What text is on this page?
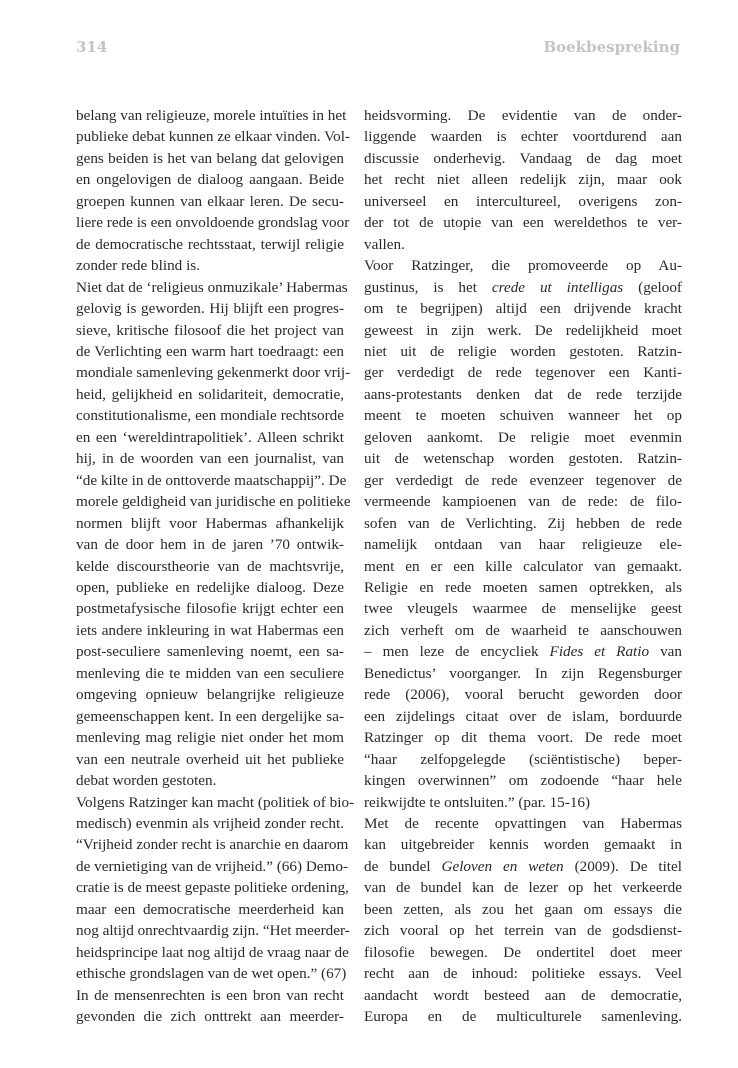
314	Boekbespreking
belang van religieuze, morele intuïties in het
publieke debat kunnen ze elkaar vinden. Vol-
gens beiden is het van belang dat gelovigen
en ongelovigen de dialoog aangaan. Beide
groepen kunnen van elkaar leren. De secu-
liere rede is een onvoldoende grondslag voor
de democratische rechtsstaat, terwijl religie
zonder rede blind is.
Niet dat de ‘religieus onmuzikale’ Habermas
gelovig is geworden. Hij blijft een progres-
sieve, kritische filosoof die het project van
de Verlichting een warm hart toedraagt: een
mondiale samenleving gekenmerkt door vrij-
heid, gelijkheid en solidariteit, democratie,
constitutionalisme, een mondiale rechtsorde
en een ‘wereldintrapolitiek’. Alleen schrikt
hij, in de woorden van een journalist, van
“de kilte in de onttoverde maatschappij”. De
morele geldigheid van juridische en politieke
normen blijft voor Habermas afhankelijk
van de door hem in de jaren ’70 ontwik-
kelde discourstheorie van de machtsvrije,
open, publieke en redelijke dialoog. Deze
postmetafysische filosofie krijgt echter een
iets andere inkleuring in wat Habermas een
post-seculiere samenleving noemt, een sa-
menleving die te midden van een seculiere
omgeving opnieuw belangrijke religieuze
gemeenschappen kent. In een dergelijke sa-
menleving mag religie niet onder het mom
van een neutrale overheid uit het publieke
debat worden gestoten.
Volgens Ratzinger kan macht (politiek of bio-
medisch) evenmin als vrijheid zonder recht.
“Vrijheid zonder recht is anarchie en daarom
de vernietiging van de vrijheid.” (66) Demo-
cratie is de meest gepaste politieke ordening,
maar een democratische meerderheid kan
nog altijd onrechtvaardig zijn. “Het meerder-
heidsprincipe laat nog altijd de vraag naar de
ethische grondslagen van de wet open.” (67)
In de mensenrechten is een bron van recht
gevonden die zich onttrekt aan meerder-
heidsvorming. De evidentie van de onder-
liggende waarden is echter voortdurend aan
discussie onderhevig. Vandaag de dag moet
het recht niet alleen redelijk zijn, maar ook
universeel en intercultureel, overigens zon-
der tot de utopie van een wereldethos te ver-
vallen.
Voor Ratzinger, die promoveerde op Au-
gustinus, is het crede ut intelligas (geloof
om te begrijpen) altijd een drijvende kracht
geweest in zijn werk. De redelijkheid moet
niet uit de religie worden gestoten. Ratzin-
ger verdedigt de rede tegenover een Kanti-
aans-protestants denken dat de rede terzijde
meent te moeten schuiven wanneer het op
geloven aankomt. De religie moet evenmin
uit de wetenschap worden gestoten. Ratzin-
ger verdedigt de rede evenzeer tegenover de
vermeende kampioenen van de rede: de filo-
sofen van de Verlichting. Zij hebben de rede
namelijk ontdaan van haar religieuze ele-
ment en er een kille calculator van gemaakt.
Religie en rede moeten samen optrekken, als
twee vleugels waarmee de menselijke geest
zich verheft om de waarheid te aanschouwen
– men leze de encycliek Fides et Ratio van
Benedictus’ voorganger. In zijn Regensburger
rede (2006), vooral berucht geworden door
een zijdelings citaat over de islam, borduurde
Ratzinger op dit thema voort. De rede moet
“haar zelfopgelegde (sciëntistische) beper-
kingen overwinnen” om zodoende “haar hele
reikwijdte te ontsluiten.” (par. 15-16)
Met de recente opvattingen van Habermas
kan uitgebreider kennis worden gemaakt in
de bundel Geloven en weten (2009). De titel
van de bundel kan de lezer op het verkeerde
been zetten, als zou het gaan om essays die
zich vooral op het terrein van de godsdienst-
filosofie bewegen. De ondertitel doet meer
recht aan de inhoud: politieke essays. Veel
aandacht wordt besteed aan de democratie,
Europa en de multiculturele samenleving.
